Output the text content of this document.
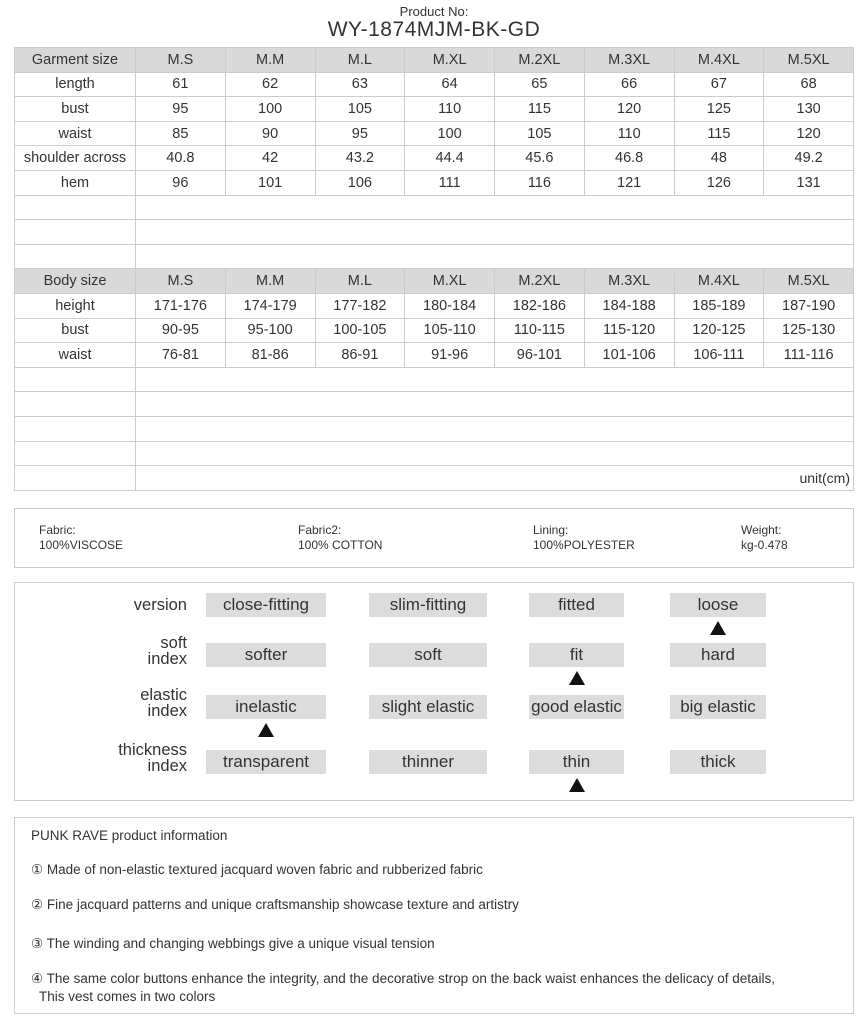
Product No:
WY-1874MJM-BK-GD
Garment size	M.S	M.M	M.L	M.XL	M.2XL	M.3XL	M.4XL	M.5XL
length	61	62	63	64	65	66	67	68
bust	95	100	105	110	115	120	125	130
waist	85	90	95	100	105	110	115	120
shoulder across	40.8	42	43.2	44.4	45.6	46.8	48	49.2
hem	96	101	106	111	116	121	126	131

Body size	M.S	M.M	M.L	M.XL	M.2XL	M.3XL	M.4XL	M.5XL
height	171-176	174-179	177-182	180-184	182-186	184-188	185-189	187-190
bust	90-95	95-100	100-105	105-110	110-115	115-120	120-125	125-130
waist	76-81	81-86	86-91	91-96	96-101	101-106	106-111	111-116

	unit(cm)							
Fabric:
100%VISCOSE
Fabric2:
100% COTTON
Lining:
100%POLYESTER
Weight:
kg-0.478
version	close-fitting	slim-fitting	fitted	loose
soft
index	softer	soft	fit	hard
elastic
index	inelastic	slight elastic	good elastic	big elastic
thickness
index	transparent	thinner	thin	thick
PUNK RAVE product information
① Made of non-elastic textured jacquard woven fabric and rubberized fabric
② Fine jacquard patterns and unique craftsmanship showcase texture and artistry
③ The winding and changing webbings give a unique visual tension
④ The same color buttons enhance the integrity, and the decorative strop on the back waist enhances the delicacy of details,
This vest comes in two colors
